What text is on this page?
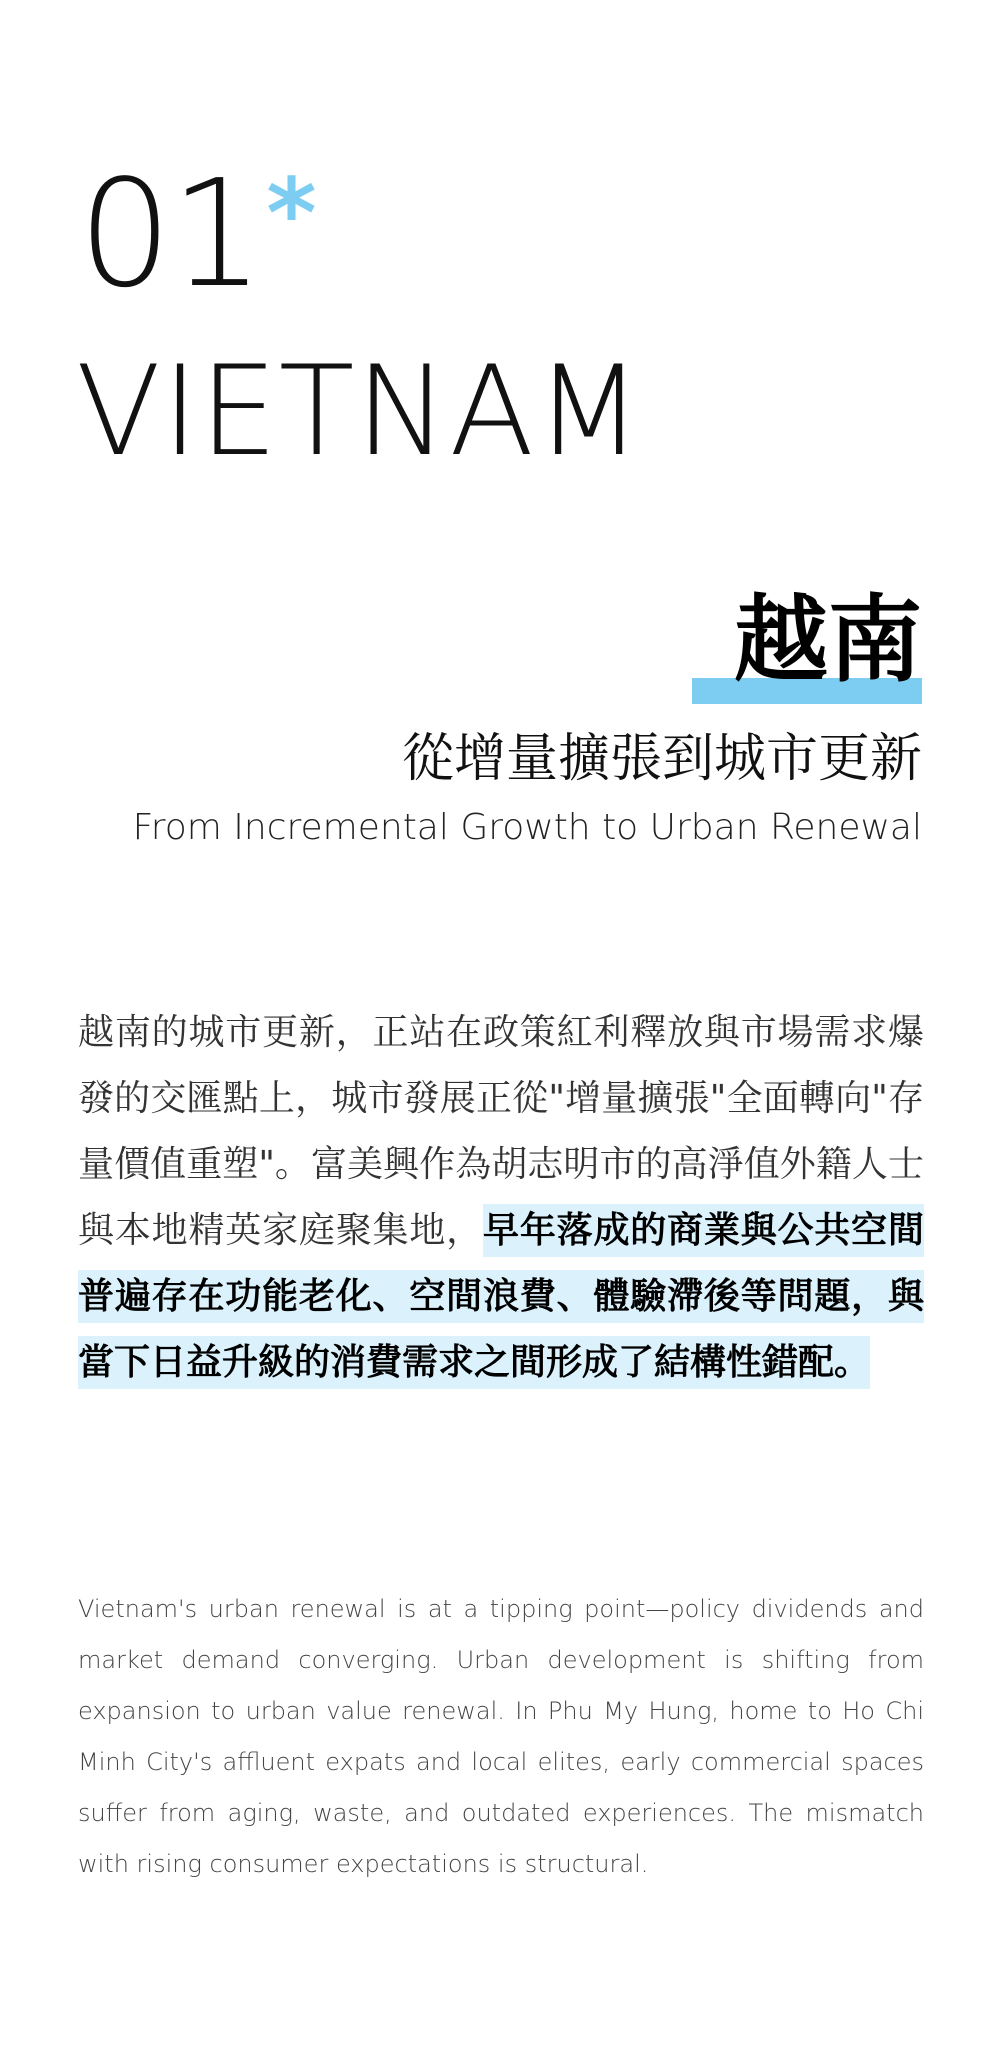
01 *
VIETNAM
越南
從增量擴張到城市更新
From Incremental Growth to Urban Renewal

越南的城市更新，正站在政策紅利釋放與市場需求爆發的交匯點上，城市發展正從"增量擴張"全面轉向"存量價值重塑"。富美興作為胡志明市的高淨值外籍人士與本地精英家庭聚集地，早年落成的商業與公共空間普遍存在功能老化、空間浪費、體驗滯後等問題，與當下日益升級的消費需求之間形成了結構性錯配。

Vietnam's urban renewal is at a tipping point—policy dividends and market demand converging. Urban development is shifting from expansion to urban value renewal. In Phu My Hung, home to Ho Chi Minh City's affluent expats and local elites, early commercial spaces suffer from aging, waste, and outdated experiences. The mismatch with rising consumer expectations is structural.
